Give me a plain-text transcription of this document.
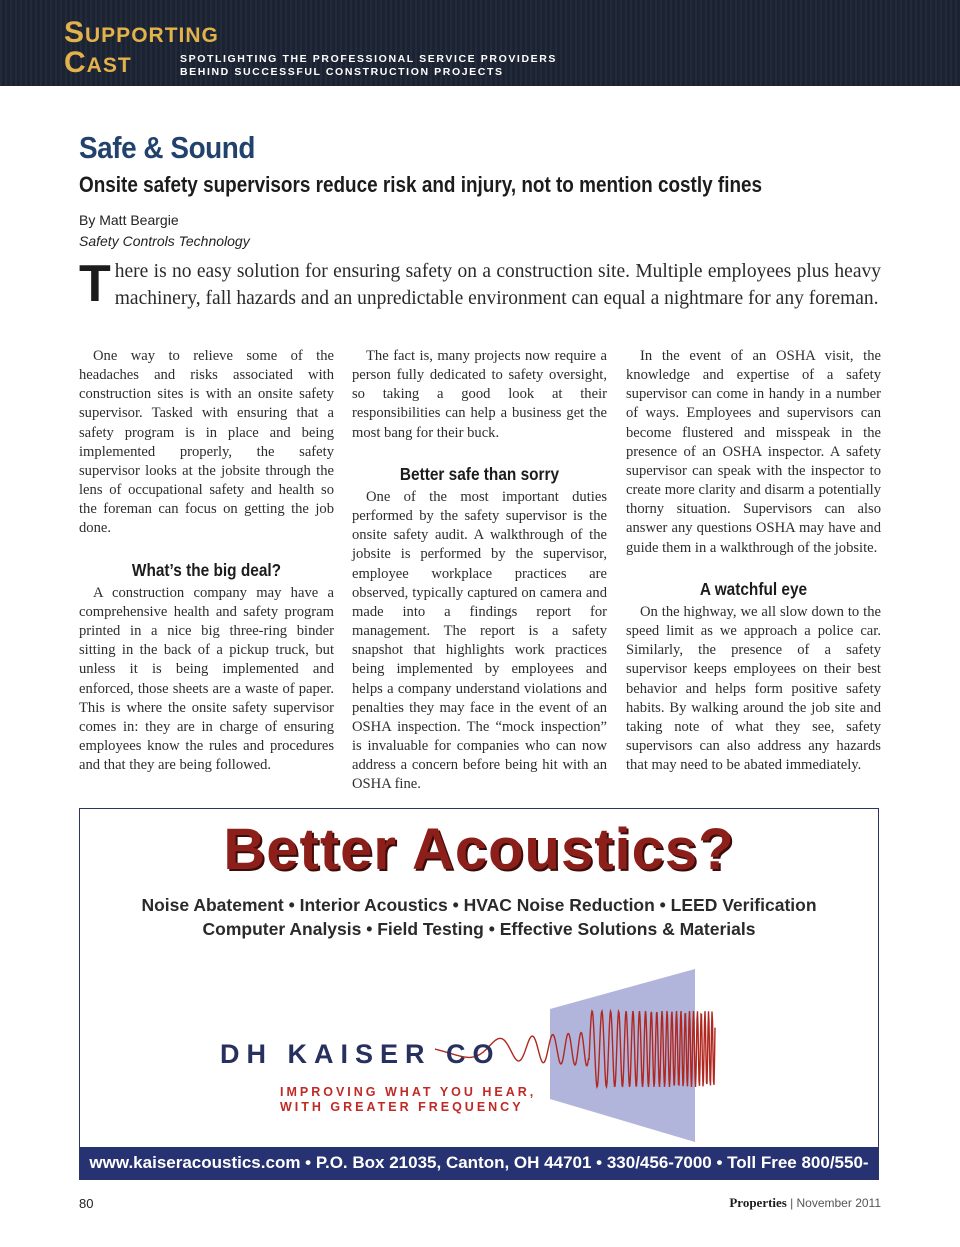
Supporting
Cast	SPOTLIGHTING THE PROFESSIONAL SERVICE PROVIDERS
BEHIND SUCCESSFUL CONSTRUCTION PROJECTS
Safe & Sound
Onsite safety supervisors reduce risk and injury, not to mention costly fines
By Matt Beargie
Safety Controls Technology
There is no easy solution for ensuring safety on a construction site. Multiple employees plus heavy machinery, fall hazards and an unpredictable environment can equal a nightmare for any foreman.

One way to relieve some of the headaches and risks associated with construction sites is with an onsite safety supervisor. Tasked with ensuring that a safety program is in place and being implemented properly, the safety supervisor looks at the jobsite through the lens of occupational safety and health so the foreman can focus on getting the job done.

What’s the big deal?

A construction company may have a comprehensive health and safety program printed in a nice big three-ring binder sitting in the back of a pickup truck, but unless it is being implemented and enforced, those sheets are a waste of paper. This is where the onsite safety supervisor comes in: they are in charge of ensuring employees know the rules and procedures and that they are being followed.

The fact is, many projects now require a person fully dedicated to safety oversight, so taking a good look at their responsibilities can help a business get the most bang for their buck.

Better safe than sorry

One of the most important duties performed by the safety supervisor is the onsite safety audit. A walkthrough of the jobsite is performed by the supervisor, employee workplace practices are observed, typically captured on camera and made into a findings report for management. The report is a safety snapshot that highlights work practices being implemented by employees and helps a company understand violations and penalties they may face in the event of an OSHA inspection. The “mock inspection” is invaluable for companies who can now address a concern before being hit with an OSHA fine.

In the event of an OSHA visit, the knowledge and expertise of a safety supervisor can come in handy in a number of ways. Employees and supervisors can become flustered and misspeak in the presence of an OSHA inspector. A safety supervisor can speak with the inspector to create more clarity and disarm a potentially thorny situation. Supervisors can also answer any questions OSHA may have and guide them in a walkthrough of the jobsite.

A watchful eye

On the highway, we all slow down to the speed limit as we approach a police car. Similarly, the presence of a safety supervisor keeps employees on their best behavior and helps form positive safety habits. By walking around the job site and taking note of what they see, safety supervisors can also address any hazards that may need to be abated immediately.

Better Acoustics?
Noise Abatement • Interior Acoustics • HVAC Noise Reduction • LEED Verification
Computer Analysis • Field Testing • Effective Solutions & Materials
DH KAISER CO
IMPROVING WHAT YOU HEAR,
WITH GREATER FREQUENCY
www.kaiseracoustics.com • P.O. Box 21035, Canton, OH 44701 • 330/456-7000 • Toll Free 800/550-7007
80	Properties | November 2011
